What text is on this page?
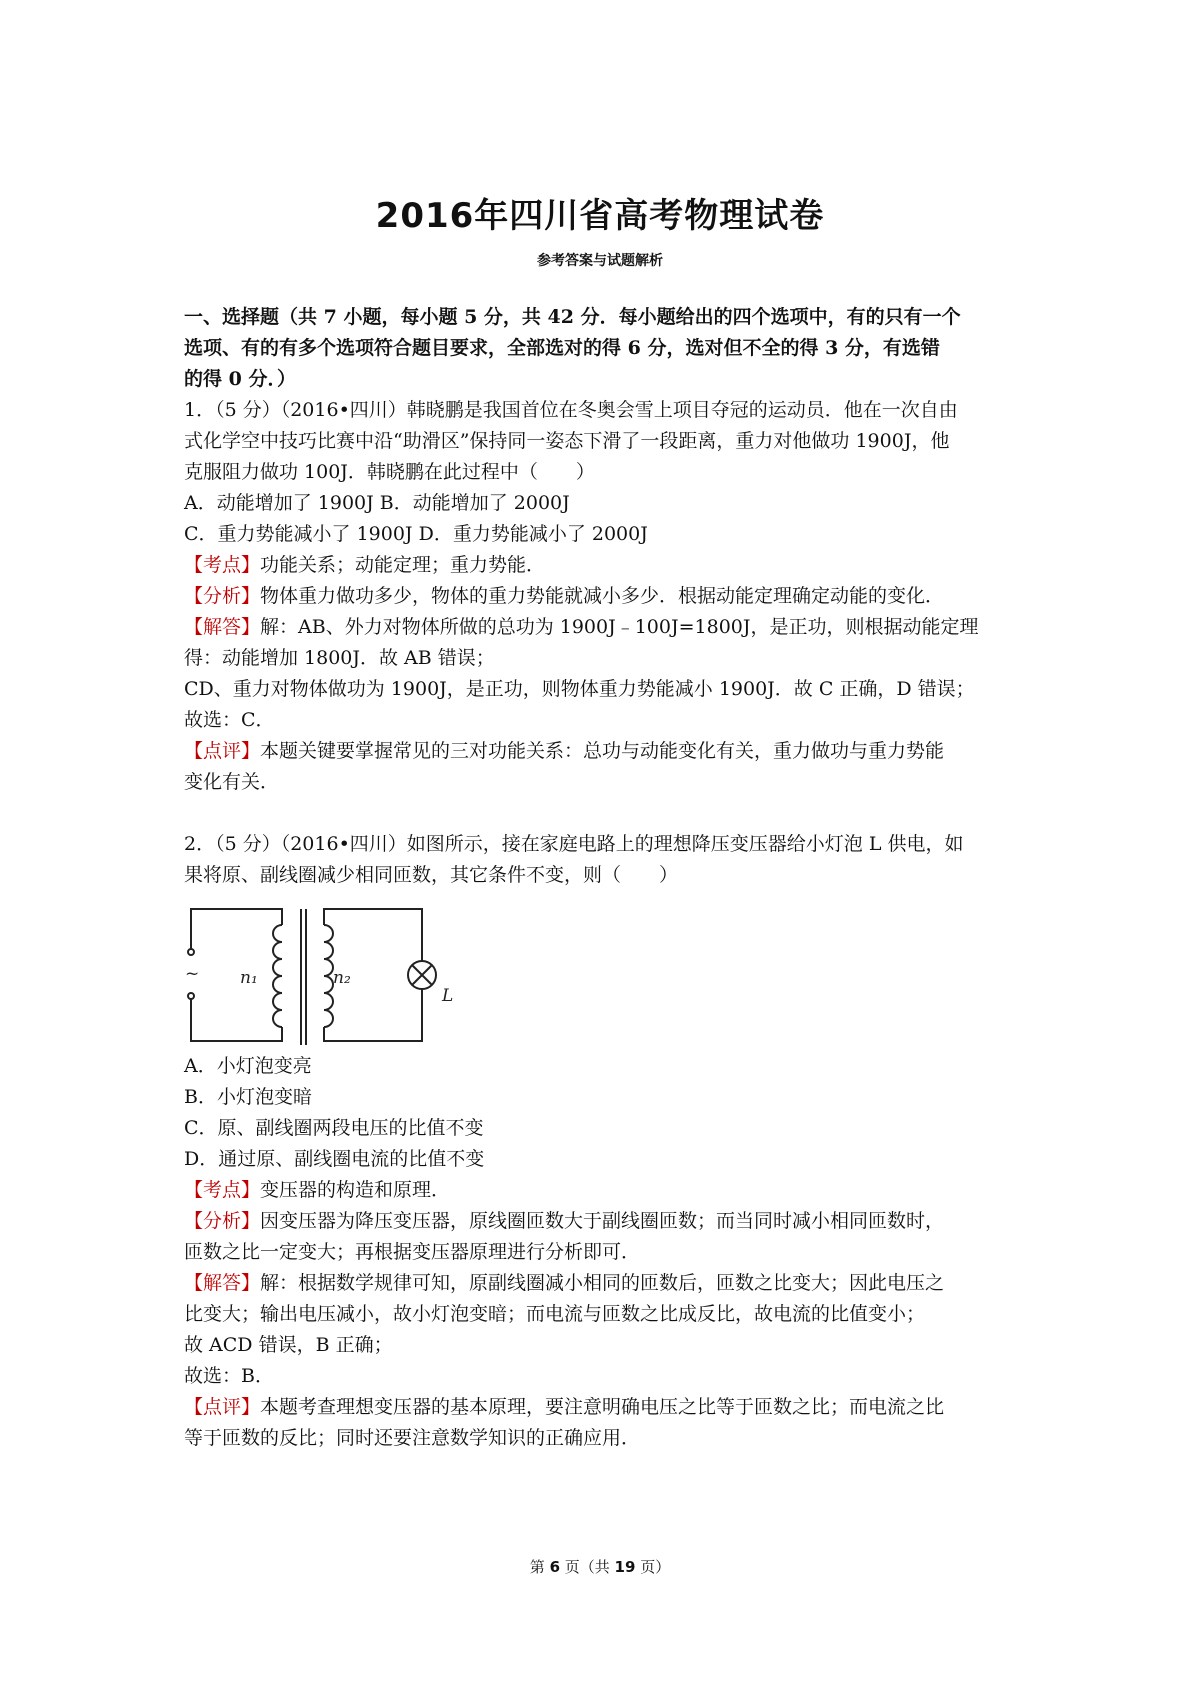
2016年四川省高考物理试卷
参考答案与试题解析
一、选择题（共 7 小题，每小题 5 分，共 42 分．每小题给出的四个选项中，有的只有一个
选项、有的有多个选项符合题目要求，全部选对的得 6 分，选对但不全的得 3 分，有选错
的得 0 分．）
1．（5 分）（2016•四川）韩晓鹏是我国首位在冬奥会雪上项目夺冠的运动员．他在一次自由
式化学空中技巧比赛中沿“助滑区”保持同一姿态下滑了一段距离，重力对他做功 1900J，他
克服阻力做功 100J．韩晓鹏在此过程中（　　）
A．动能增加了 1900J B．动能增加了 2000J
C．重力势能减小了 1900J D．重力势能减小了 2000J
【考点】功能关系；动能定理；重力势能．
【分析】物体重力做功多少，物体的重力势能就减小多少．根据动能定理确定动能的变化．
【解答】解：AB、外力对物体所做的总功为 1900J﹣100J=1800J，是正功，则根据动能定理
得：动能增加 1800J．故 AB 错误；
CD、重力对物体做功为 1900J，是正功，则物体重力势能减小 1900J．故 C 正确，D 错误；
故选：C．
【点评】本题关键要掌握常见的三对功能关系：总功与动能变化有关，重力做功与重力势能
变化有关．
2．（5 分）（2016•四川）如图所示，接在家庭电路上的理想降压变压器给小灯泡 L 供电，如
果将原、副线圈减少相同匝数，其它条件不变，则（　　）
~ n₁	n₂
L
A．小灯泡变亮
B．小灯泡变暗
C．原、副线圈两段电压的比值不变
D．通过原、副线圈电流的比值不变
【考点】变压器的构造和原理．
【分析】因变压器为降压变压器，原线圈匝数大于副线圈匝数；而当同时减小相同匝数时，
匝数之比一定变大；再根据变压器原理进行分析即可．
【解答】解：根据数学规律可知，原副线圈减小相同的匝数后，匝数之比变大；因此电压之
比变大；输出电压减小，故小灯泡变暗；而电流与匝数之比成反比，故电流的比值变小；
故 ACD 错误，B 正确；
故选：B．
【点评】本题考查理想变压器的基本原理，要注意明确电压之比等于匝数之比；而电流之比
等于匝数的反比；同时还要注意数学知识的正确应用．
第 6 页（共 19 页）
